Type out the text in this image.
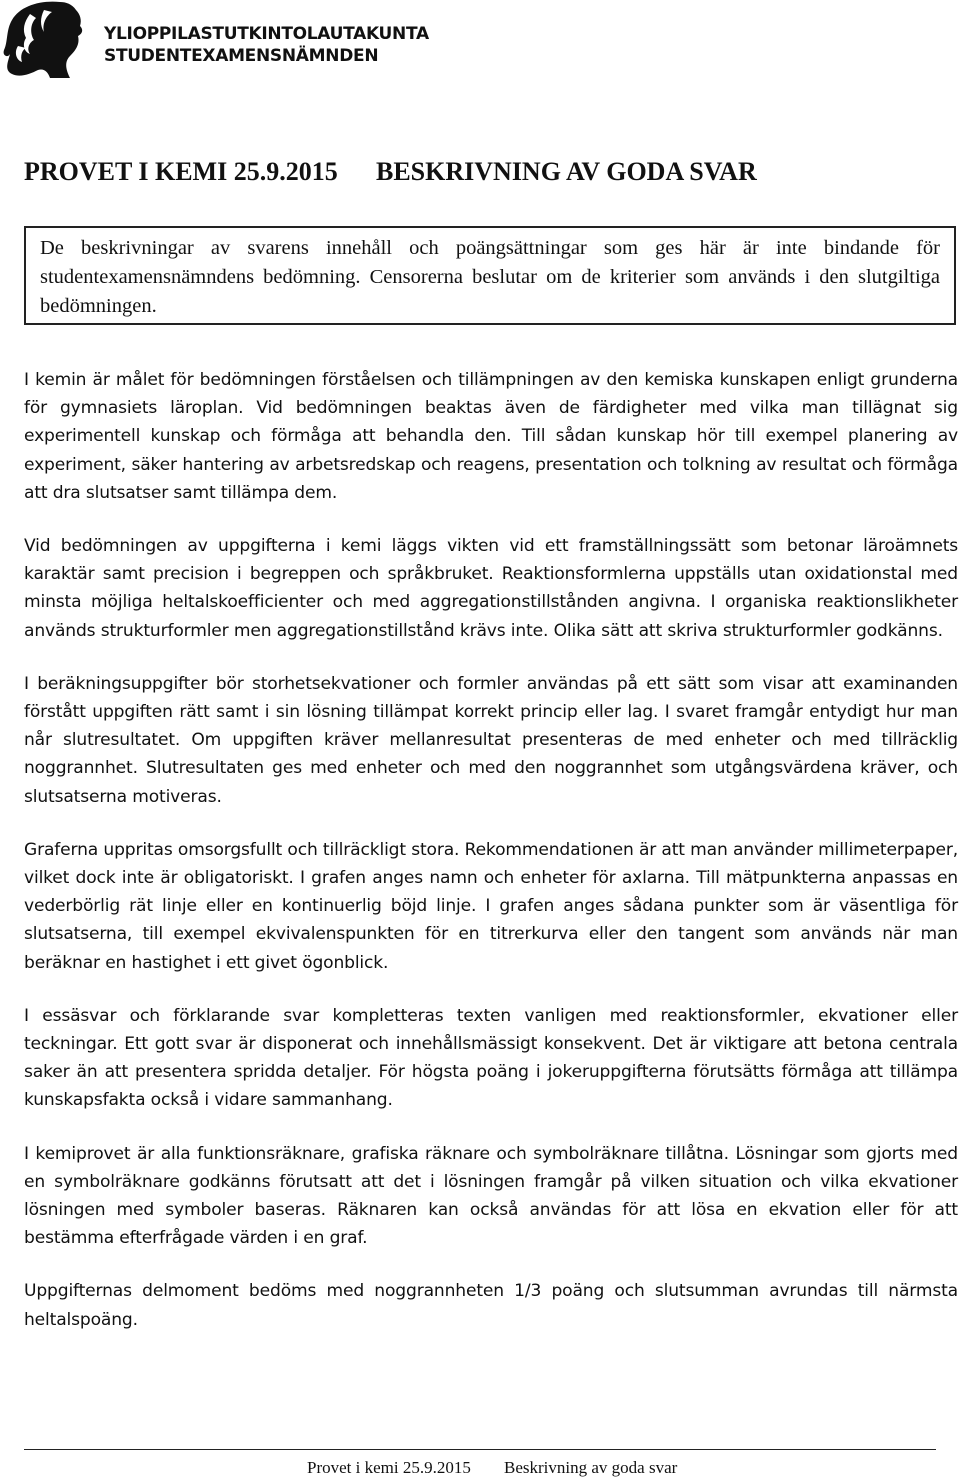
YLIOPPILASTUTKINTOLAUTAKUNTA
STUDENTEXAMENSNÄMNDEN
PROVET I KEMI 25.9.2015 BESKRIVNING AV GODA SVAR
De beskrivningar av svarens innehåll och poängsättningar som ges här är inte bindande för studentexamensnämndens bedömning. Censorerna beslutar om de kriterier som används i den slutgiltiga bedömningen.

I kemin är målet för bedömningen förståelsen och tillämpningen av den kemiska kunskapen enligt grunderna för gymnasiets läroplan. Vid bedömningen beaktas även de färdigheter med vilka man tillägnat sig experimentell kunskap och förmåga att behandla den. Till sådan kunskap hör till exempel planering av experiment, säker hantering av arbetsredskap och reagens, presentation och tolkning av resultat och förmåga att dra slutsatser samt tillämpa dem.

Vid bedömningen av uppgifterna i kemi läggs vikten vid ett framställningssätt som betonar läroämnets karaktär samt precision i begreppen och språkbruket. Reaktionsformlerna uppställs utan oxidationstal med minsta möjliga heltalskoefficienter och med aggregationstillstånden angivna. I organiska reaktionslikheter används strukturformler men aggregationstillstånd krävs inte. Olika sätt att skriva strukturformler godkänns.

I beräkningsuppgifter bör storhetsekvationer och formler användas på ett sätt som visar att examinanden förstått uppgiften rätt samt i sin lösning tillämpat korrekt princip eller lag. I svaret framgår entydigt hur man når slutresultatet. Om uppgiften kräver mellanresultat presenteras de med enheter och med tillräcklig noggrannhet. Slutresultaten ges med enheter och med den noggrannhet som utgångsvärdena kräver, och slutsatserna motiveras.

Graferna uppritas omsorgsfullt och tillräckligt stora. Rekommendationen är att man använder millimeterpaper, vilket dock inte är obligatoriskt. I grafen anges namn och enheter för axlarna. Till mätpunkterna anpassas en vederbörlig rät linje eller en kontinuerlig böjd linje. I grafen anges sådana punkter som är väsentliga för slutsatserna, till exempel ekvivalenspunkten för en titrerkurva eller den tangent som används när man beräknar en hastighet i ett givet ögonblick.

I essäsvar och förklarande svar kompletteras texten vanligen med reaktionsformler, ekvationer eller teckningar. Ett gott svar är disponerat och innehållsmässigt konsekvent. Det är viktigare att betona centrala saker än att presentera spridda detaljer. För högsta poäng i jokeruppgifterna förutsätts förmåga att tillämpa kunskapsfakta också i vidare sammanhang.

I kemiprovet är alla funktionsräknare, grafiska räknare och symbolräknare tillåtna. Lösningar som gjorts med en symbolräknare godkänns förutsatt att det i lösningen framgår på vilken situation och vilka ekvationer lösningen med symboler baseras. Räknaren kan också användas för att lösa en ekvation eller för att bestämma efterfrågade värden i en graf.

Uppgifternas delmoment bedöms med noggrannheten 1/3 poäng och slutsumman avrundas till närmsta heltalspoäng.

Provet i kemi 25.9.2015 Beskrivning av goda svar
